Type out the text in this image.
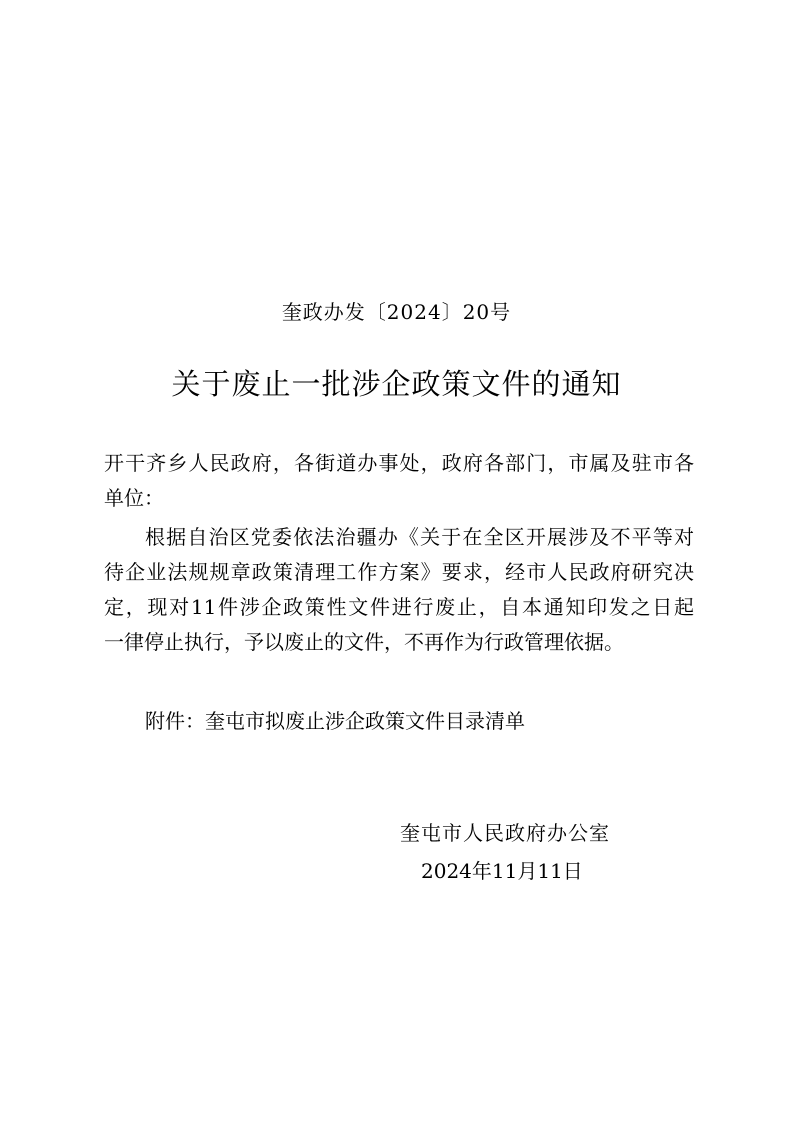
奎政办发〔2024〕20号
关于废止一批涉企政策文件的通知
开干齐乡人民政府，各街道办事处，政府各部门，市属及驻市各
单位：
根据自治区党委依法治疆办《关于在全区开展涉及不平等对
待企业法规规章政策清理工作方案》要求，经市人民政府研究决
定，现对11件涉企政策性文件进行废止，自本通知印发之日起
一律停止执行，予以废止的文件，不再作为行政管理依据。
附件：奎屯市拟废止涉企政策文件目录清单
奎屯市人民政府办公室
2024年11月11日
